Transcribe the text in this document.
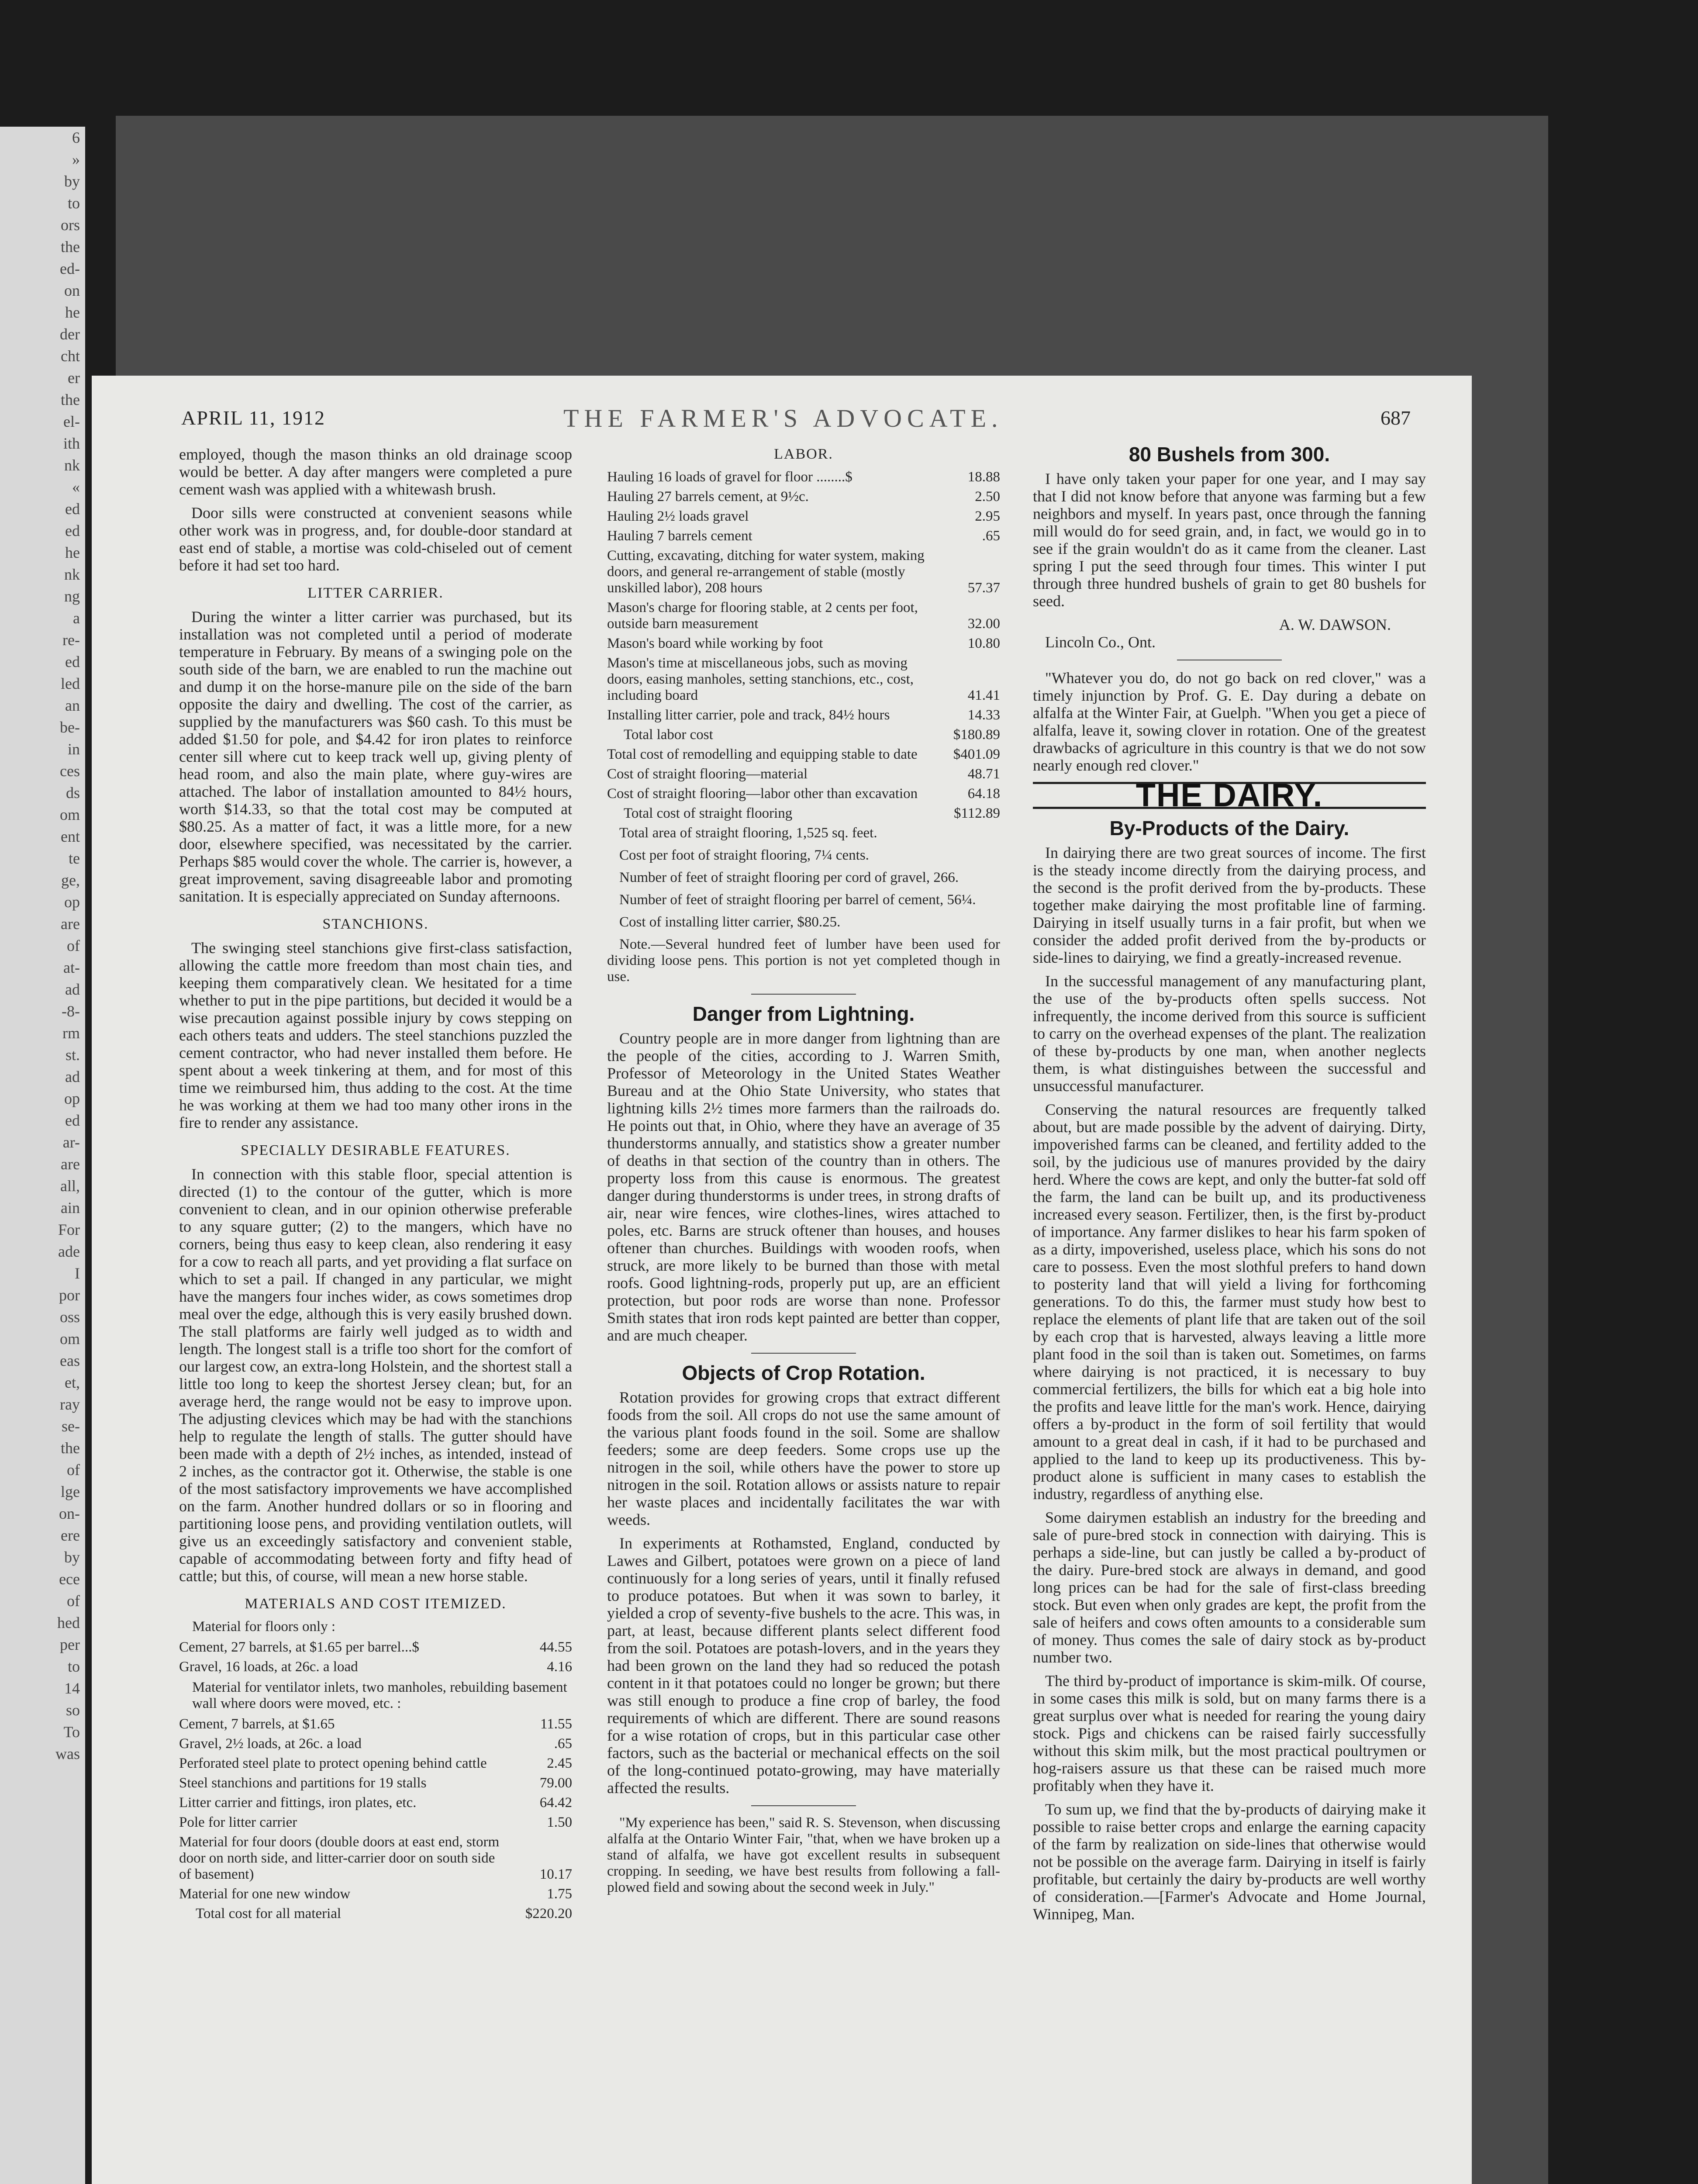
6
»
by
to
ors
the
ed-
on
he
der
cht
er
the
el-
ith
nk
«
ed
ed
he
nk
ng
a
re-
ed
led
an
be-
in
ces
ds
om
ent
te
ge,
op
are
of
at-
ad
-8-
rm
st.
ad
op
ed
ar-
are
all,
ain
For
ade
I
por
oss
om
eas
et,
ray
se-
the
of
lge
on-
ere
by
ece
of
hed
per
to
14
so
To
was
APRIL 11, 1912	THE FARMER'S ADVOCATE.	687

employed, though the mason thinks an old drainage scoop would be better. A day after mangers were completed a pure cement wash was applied with a whitewash brush.

Door sills were constructed at convenient seasons while other work was in progress, and, for double-door standard at east end of stable, a mortise was cold-chiseled out of cement before it had set too hard.

LITTER CARRIER.

During the winter a litter carrier was purchased, but its installation was not completed until a period of moderate temperature in February. By means of a swinging pole on the south side of the barn, we are enabled to run the machine out and dump it on the horse-manure pile on the side of the barn opposite the dairy and dwelling. The cost of the carrier, as supplied by the manufacturers was $60 cash. To this must be added $1.50 for pole, and $4.42 for iron plates to reinforce center sill where cut to keep track well up, giving plenty of head room, and also the main plate, where guy-wires are attached. The labor of installation amounted to 84½ hours, worth $14.33, so that the total cost may be computed at $80.25. As a matter of fact, it was a little more, for a new door, elsewhere specified, was necessitated by the carrier. Perhaps $85 would cover the whole. The carrier is, however, a great improvement, saving disagreeable labor and promoting sanitation. It is especially appreciated on Sunday afternoons.

STANCHIONS.

The swinging steel stanchions give first-class satisfaction, allowing the cattle more freedom than most chain ties, and keeping them comparatively clean. We hesitated for a time whether to put in the pipe partitions, but decided it would be a wise precaution against possible injury by cows stepping on each others teats and udders. The steel stanchions puzzled the cement contractor, who had never installed them before. He spent about a week tinkering at them, and for most of this time we reimbursed him, thus adding to the cost. At the time he was working at them we had too many other irons in the fire to render any assistance.

SPECIALLY DESIRABLE FEATURES.

In connection with this stable floor, special attention is directed (1) to the contour of the gutter, which is more convenient to clean, and in our opinion otherwise preferable to any square gutter; (2) to the mangers, which have no corners, being thus easy to keep clean, also rendering it easy for a cow to reach all parts, and yet providing a flat surface on which to set a pail. If changed in any particular, we might have the mangers four inches wider, as cows sometimes drop meal over the edge, although this is very easily brushed down. The stall platforms are fairly well judged as to width and length. The longest stall is a trifle too short for the comfort of our largest cow, an extra-long Holstein, and the shortest stall a little too long to keep the shortest Jersey clean; but, for an average herd, the range would not be easy to improve upon. The adjusting clevices which may be had with the stanchions help to regulate the length of stalls. The gutter should have been made with a depth of 2½ inches, as intended, instead of 2 inches, as the contractor got it. Otherwise, the stable is one of the most satisfactory improvements we have accomplished on the farm. Another hundred dollars or so in flooring and partitioning loose pens, and providing ventilation outlets, will give us an exceedingly satisfactory and convenient stable, capable of accommodating between forty and fifty head of cattle; but this, of course, will mean a new horse stable.

MATERIALS AND COST ITEMIZED.
Material for floors only :
Cement, 27 barrels, at $1.65 per barrel...$	44.55
Gravel, 16 loads, at 26c. a load	4.16
Material for ventilator inlets, two manholes, rebuilding basement wall where doors were moved, etc. :
Cement, 7 barrels, at $1.65	11.55
Gravel, 2½ loads, at 26c. a load	.65
Perforated steel plate to protect opening behind cattle	2.45
Steel stanchions and partitions for 19 stalls	79.00
Litter carrier and fittings, iron plates, etc.	64.42
Pole for litter carrier	1.50
Material for four doors (double doors at east end, storm door on north side, and litter-carrier door on south side of basement)	10.17
Material for one new window	1.75
Total cost for all material	$220.20
LABOR.
Hauling 16 loads of gravel for floor ........$	18.88
Hauling 27 barrels cement, at 9½c.	2.50
Hauling 2½ loads gravel	2.95
Hauling 7 barrels cement	.65
Cutting, excavating, ditching for water system, making doors, and general re-arrangement of stable (mostly unskilled labor), 208 hours	57.37
Mason's charge for flooring stable, at 2 cents per foot, outside barn measurement	32.00
Mason's board while working by foot	10.80
Mason's time at miscellaneous jobs, such as moving doors, easing manholes, setting stanchions, etc., cost, including board	41.41
Installing litter carrier, pole and track, 84½ hours	14.33
Total labor cost	$180.89
Total cost of remodelling and equipping stable to date	$401.09
Cost of straight flooring—material	48.71
Cost of straight flooring—labor other than excavation	64.18
Total cost of straight flooring	$112.89

Total area of straight flooring, 1,525 sq. feet.

Cost per foot of straight flooring, 7¼ cents.

Number of feet of straight flooring per cord of gravel, 266.

Number of feet of straight flooring per barrel of cement, 56¼.

Cost of installing litter carrier, $80.25.

Note.—Several hundred feet of lumber have been used for dividing loose pens. This portion is not yet completed though in use.

Danger from Lightning.

Country people are in more danger from lightning than are the people of the cities, according to J. Warren Smith, Professor of Meteorology in the United States Weather Bureau and at the Ohio State University, who states that lightning kills 2½ times more farmers than the railroads do. He points out that, in Ohio, where they have an average of 35 thunderstorms annually, and statistics show a greater number of deaths in that section of the country than in others. The property loss from this cause is enormous. The greatest danger during thunderstorms is under trees, in strong drafts of air, near wire fences, wire clothes-lines, wires attached to poles, etc. Barns are struck oftener than houses, and houses oftener than churches. Buildings with wooden roofs, when struck, are more likely to be burned than those with metal roofs. Good lightning-rods, properly put up, are an efficient protection, but poor rods are worse than none. Professor Smith states that iron rods kept painted are better than copper, and are much cheaper.

Objects of Crop Rotation.

Rotation provides for growing crops that extract different foods from the soil. All crops do not use the same amount of the various plant foods found in the soil. Some are shallow feeders; some are deep feeders. Some crops use up the nitrogen in the soil, while others have the power to store up nitrogen in the soil. Rotation allows or assists nature to repair her waste places and incidentally facilitates the war with weeds.

In experiments at Rothamsted, England, conducted by Lawes and Gilbert, potatoes were grown on a piece of land continuously for a long series of years, until it finally refused to produce potatoes. But when it was sown to barley, it yielded a crop of seventy-five bushels to the acre. This was, in part, at least, because different plants select different food from the soil. Potatoes are potash-lovers, and in the years they had been grown on the land they had so reduced the potash content in it that potatoes could no longer be grown; but there was still enough to produce a fine crop of barley, the food requirements of which are different. There are sound reasons for a wise rotation of crops, but in this particular case other factors, such as the bacterial or mechanical effects on the soil of the long-continued potato-growing, may have materially affected the results.

"My experience has been," said R. S. Stevenson, when discussing alfalfa at the Ontario Winter Fair, "that, when we have broken up a stand of alfalfa, we have got excellent results in subsequent cropping. In seeding, we have best results from following a fall-plowed field and sowing about the second week in July."

80 Bushels from 300.

I have only taken your paper for one year, and I may say that I did not know before that anyone was farming but a few neighbors and myself. In years past, once through the fanning mill would do for seed grain, and, in fact, we would go in to see if the grain wouldn't do as it came from the cleaner. Last spring I put the seed through four times. This winter I put through three hundred bushels of grain to get 80 bushels for seed.

A. W. DAWSON.
Lincoln Co., Ont.

"Whatever you do, do not go back on red clover," was a timely injunction by Prof. G. E. Day during a debate on alfalfa at the Winter Fair, at Guelph. "When you get a piece of alfalfa, leave it, sowing clover in rotation. One of the greatest drawbacks of agriculture in this country is that we do not sow nearly enough red clover."

THE DAIRY.
By-Products of the Dairy.

In dairying there are two great sources of income. The first is the steady income directly from the dairying process, and the second is the profit derived from the by-products. These together make dairying the most profitable line of farming. Dairying in itself usually turns in a fair profit, but when we consider the added profit derived from the by-products or side-lines to dairying, we find a greatly-increased revenue.

In the successful management of any manufacturing plant, the use of the by-products often spells success. Not infrequently, the income derived from this source is sufficient to carry on the overhead expenses of the plant. The realization of these by-products by one man, when another neglects them, is what distinguishes between the successful and unsuccessful manufacturer.

Conserving the natural resources are frequently talked about, but are made possible by the advent of dairying. Dirty, impoverished farms can be cleaned, and fertility added to the soil, by the judicious use of manures provided by the dairy herd. Where the cows are kept, and only the butter-fat sold off the farm, the land can be built up, and its productiveness increased every season. Fertilizer, then, is the first by-product of importance. Any farmer dislikes to hear his farm spoken of as a dirty, impoverished, useless place, which his sons do not care to possess. Even the most slothful prefers to hand down to posterity land that will yield a living for forthcoming generations. To do this, the farmer must study how best to replace the elements of plant life that are taken out of the soil by each crop that is harvested, always leaving a little more plant food in the soil than is taken out. Sometimes, on farms where dairying is not practiced, it is necessary to buy commercial fertilizers, the bills for which eat a big hole into the profits and leave little for the man's work. Hence, dairying offers a by-product in the form of soil fertility that would amount to a great deal in cash, if it had to be purchased and applied to the land to keep up its productiveness. This by-product alone is sufficient in many cases to establish the industry, regardless of anything else.

Some dairymen establish an industry for the breeding and sale of pure-bred stock in connection with dairying. This is perhaps a side-line, but can justly be called a by-product of the dairy. Pure-bred stock are always in demand, and good long prices can be had for the sale of first-class breeding stock. But even when only grades are kept, the profit from the sale of heifers and cows often amounts to a considerable sum of money. Thus comes the sale of dairy stock as by-product number two.

The third by-product of importance is skim-milk. Of course, in some cases this milk is sold, but on many farms there is a great surplus over what is needed for rearing the young dairy stock. Pigs and chickens can be raised fairly successfully without this skim milk, but the most practical poultrymen or hog-raisers assure us that these can be raised much more profitably when they have it.

To sum up, we find that the by-products of dairying make it possible to raise better crops and enlarge the earning capacity of the farm by realization on side-lines that otherwise would not be possible on the average farm. Dairying in itself is fairly profitable, but certainly the dairy by-products are well worthy of consideration.—[Farmer's Advocate and Home Journal, Winnipeg, Man.
